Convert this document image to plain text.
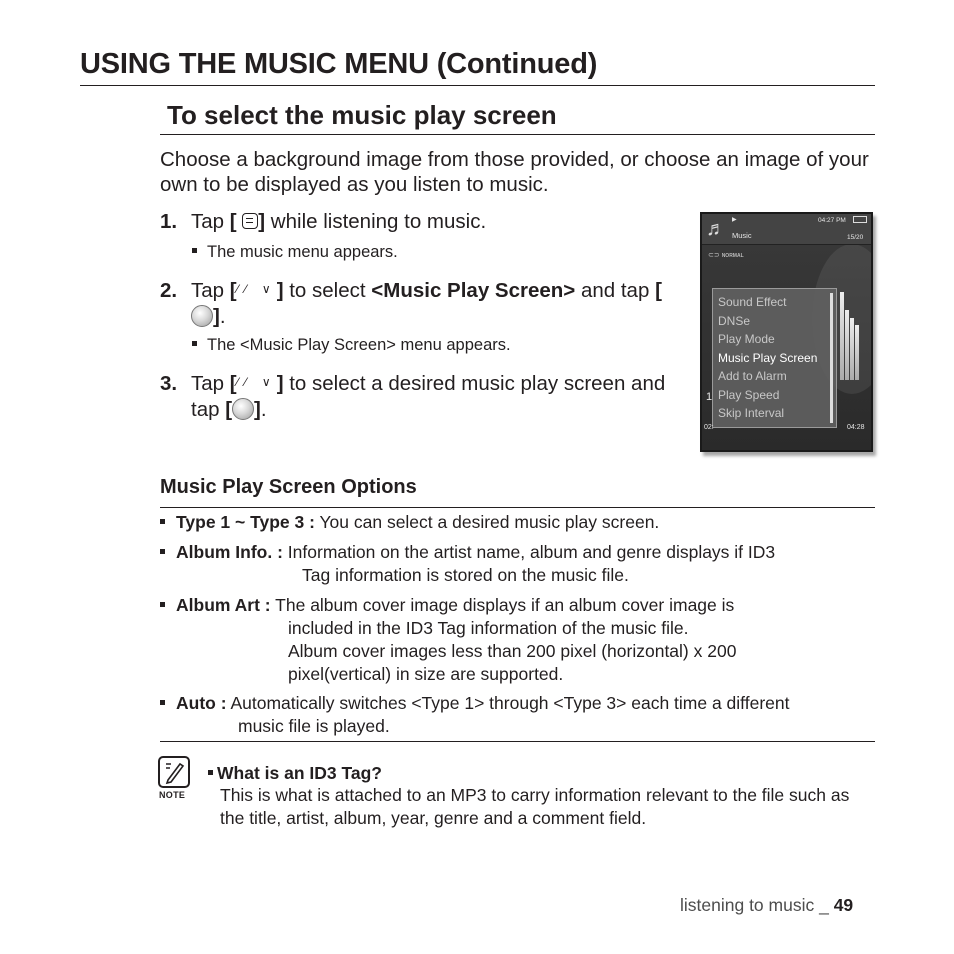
USING THE MUSIC MENU (Continued)
To select the music play screen
Choose a background image from those provided, or choose an image of your own to be displayed as you listen to music.
1. Tap [ ] while listening to music.
The music menu appears.
2. Tap [⁄⁄ ∨] to select <Music Play Screen> and tap [].
The <Music Play Screen> menu appears.
3. Tap [⁄⁄ ∨] to select a desired music play screen and tap [ ].
♬ ▶
Music
04:27 PM
15/20
⊂⊃ NORMAL
Sound Effect
DNSe
Play Mode
Music Play Screen
Add to Alarm
Play Speed
Skip Interval
1
02:	04:28
Music Play Screen Options
Type 1 ~ Type 3 : You can select a desired music play screen.
Album Info. : Information on the artist name, album and genre displays if ID3
Tag information is stored on the music file.
Album Art : The album cover image displays if an album cover image is
included in the ID3 Tag information of the music file.
Album cover images less than 200 pixel (horizontal) x 200
pixel(vertical) in size are supported.
Auto : Automatically switches <Type 1> through <Type 3> each time a different
music file is played.
NOTE
What is an ID3 Tag?
This is what is attached to an MP3 to carry information relevant to the file such as the title, artist, album, year, genre and a comment field.
listening to music _ 49
